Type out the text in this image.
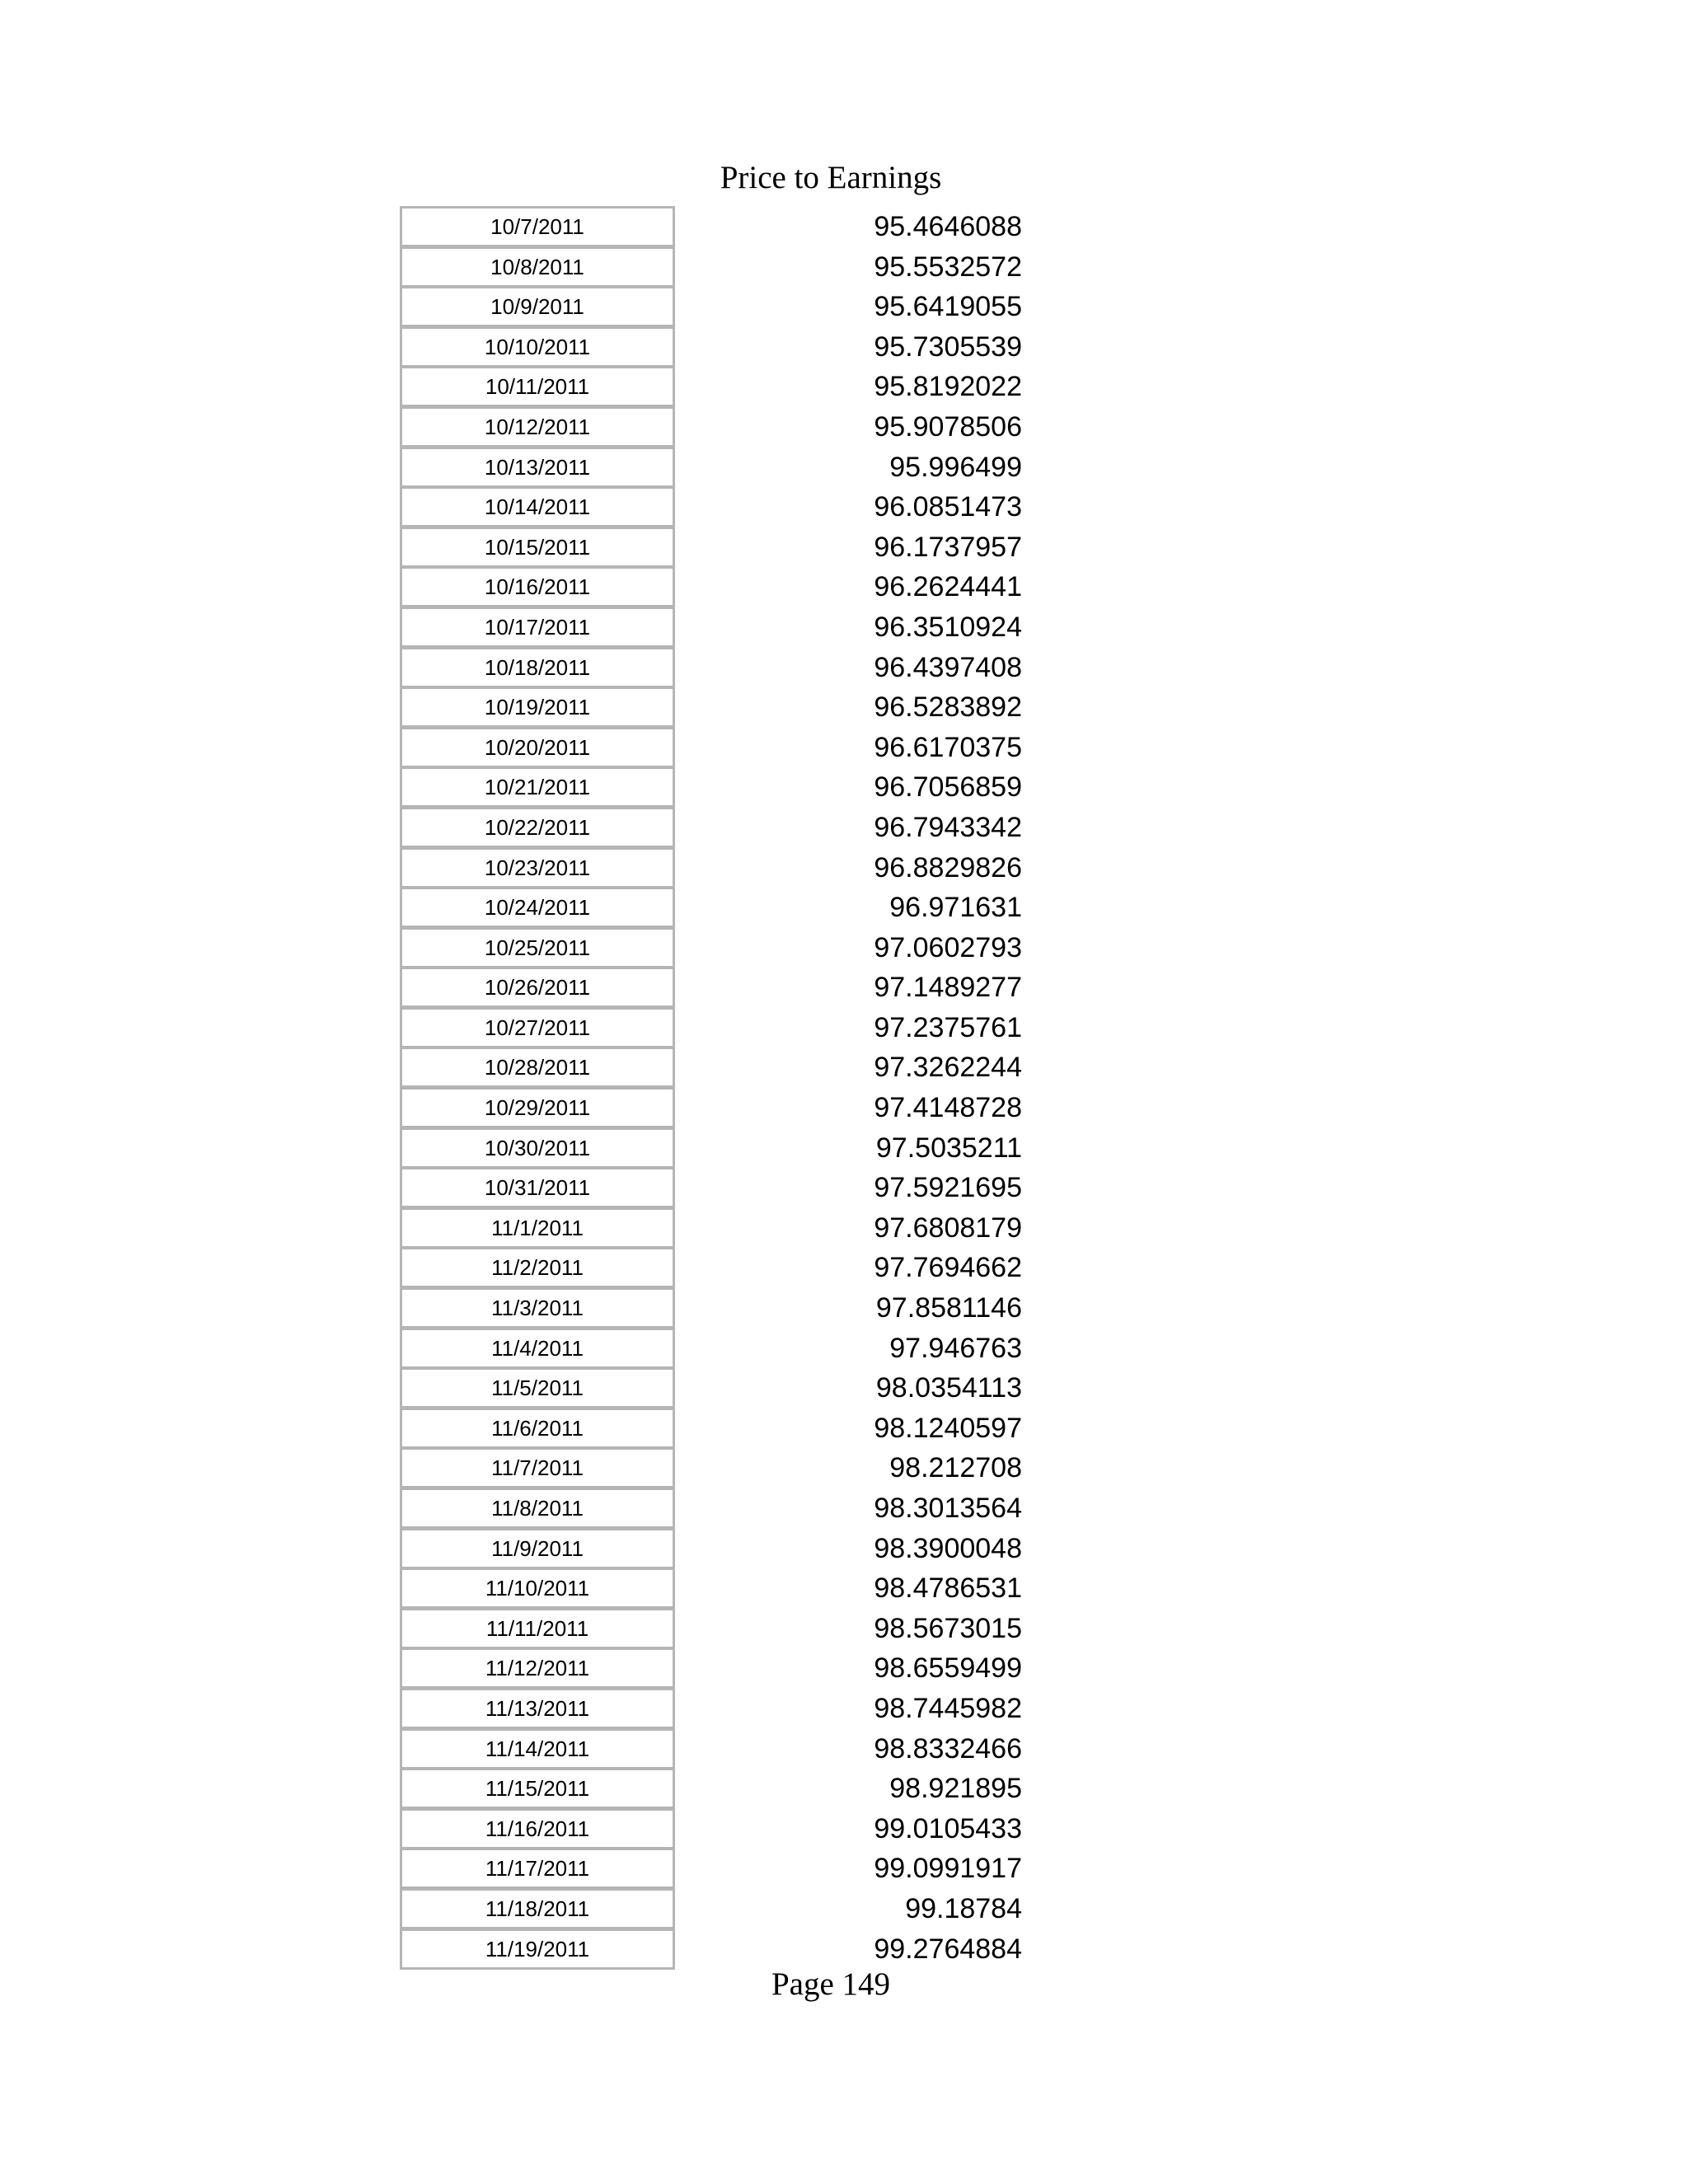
Price to Earnings
10/7/2011	95.4646088
10/8/2011	95.5532572
10/9/2011	95.6419055
10/10/2011	95.7305539
10/11/2011	95.8192022
10/12/2011	95.9078506
10/13/2011	95.996499
10/14/2011	96.0851473
10/15/2011	96.1737957
10/16/2011	96.2624441
10/17/2011	96.3510924
10/18/2011	96.4397408
10/19/2011	96.5283892
10/20/2011	96.6170375
10/21/2011	96.7056859
10/22/2011	96.7943342
10/23/2011	96.8829826
10/24/2011	96.971631
10/25/2011	97.0602793
10/26/2011	97.1489277
10/27/2011	97.2375761
10/28/2011	97.3262244
10/29/2011	97.4148728
10/30/2011	97.5035211
10/31/2011	97.5921695
11/1/2011	97.6808179
11/2/2011	97.7694662
11/3/2011	97.8581146
11/4/2011	97.946763
11/5/2011	98.0354113
11/6/2011	98.1240597
11/7/2011	98.212708
11/8/2011	98.3013564
11/9/2011	98.3900048
11/10/2011	98.4786531
11/11/2011	98.5673015
11/12/2011	98.6559499
11/13/2011	98.7445982
11/14/2011	98.8332466
11/15/2011	98.921895
11/16/2011	99.0105433
11/17/2011	99.0991917
11/18/2011	99.18784
11/19/2011	99.2764884
Page 149
